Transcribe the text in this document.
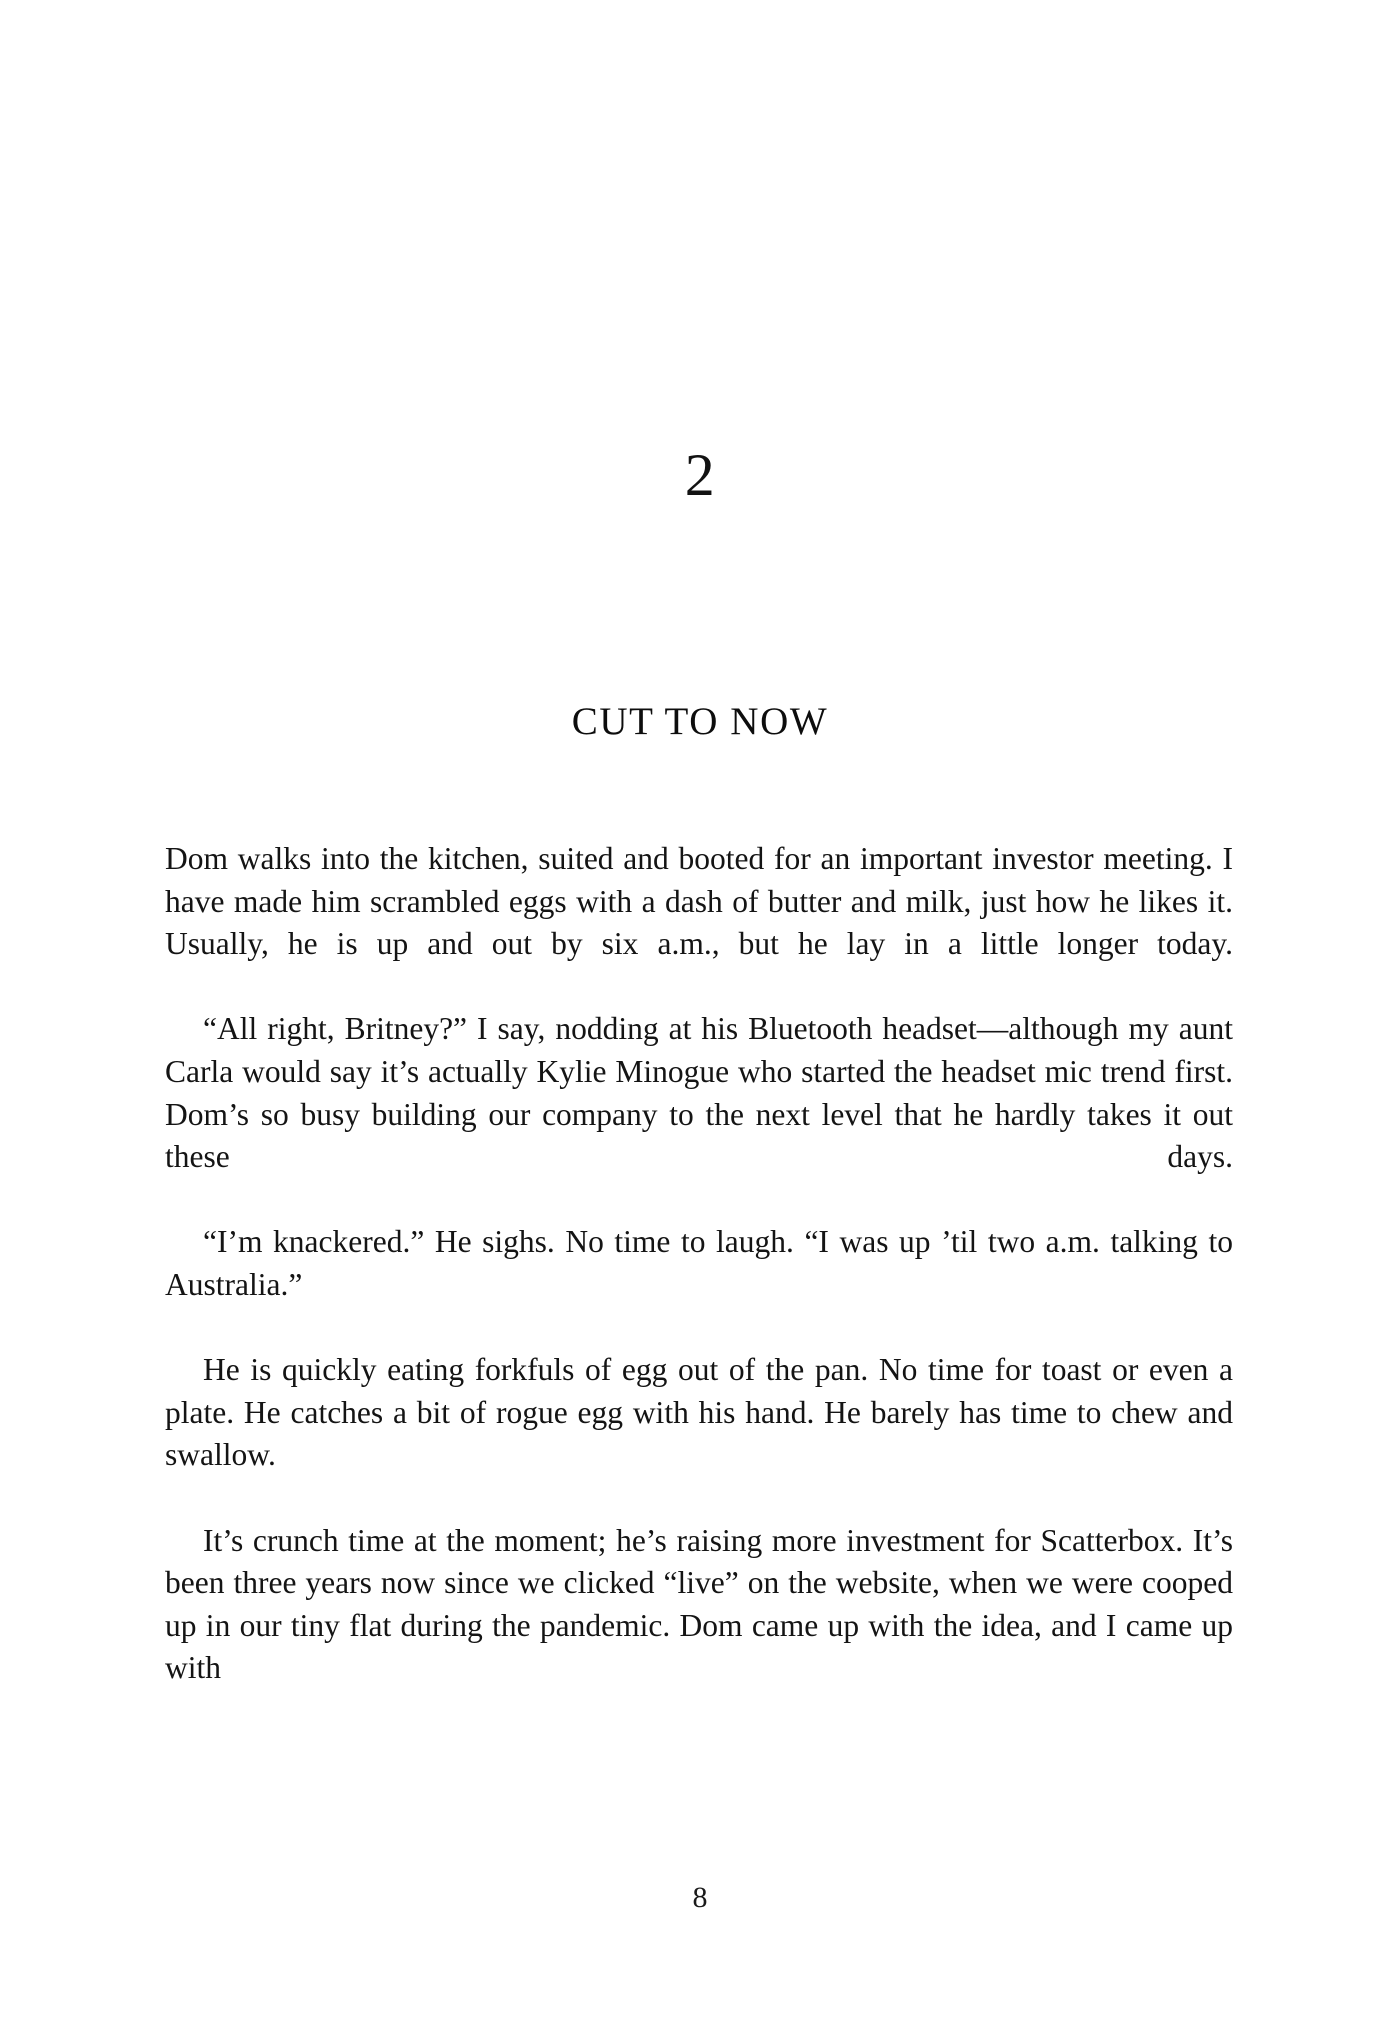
2
CUT TO NOW

Dom walks into the kitchen, suited and booted for an important investor meeting. I have made him scrambled eggs with a dash of butter and milk, just how he likes it. Usually, he is up and out by six a.m., but he lay in a little longer today.

“All right, Britney?” I say, nodding at his Bluetooth headset—although my aunt Carla would say it’s actually Kylie Minogue who started the headset mic trend first. Dom’s so busy building our company to the next level that he hardly takes it out these days.

“I’m knackered.” He sighs. No time to laugh. “I was up ’til two a.m. talking to Australia.”

He is quickly eating forkfuls of egg out of the pan. No time for toast or even a plate. He catches a bit of rogue egg with his hand. He barely has time to chew and swallow.

It’s crunch time at the moment; he’s raising more investment for Scatterbox. It’s been three years now since we clicked “live” on the website, when we were cooped up in our tiny flat during the pandemic. Dom came up with the idea, and I came up with

8
